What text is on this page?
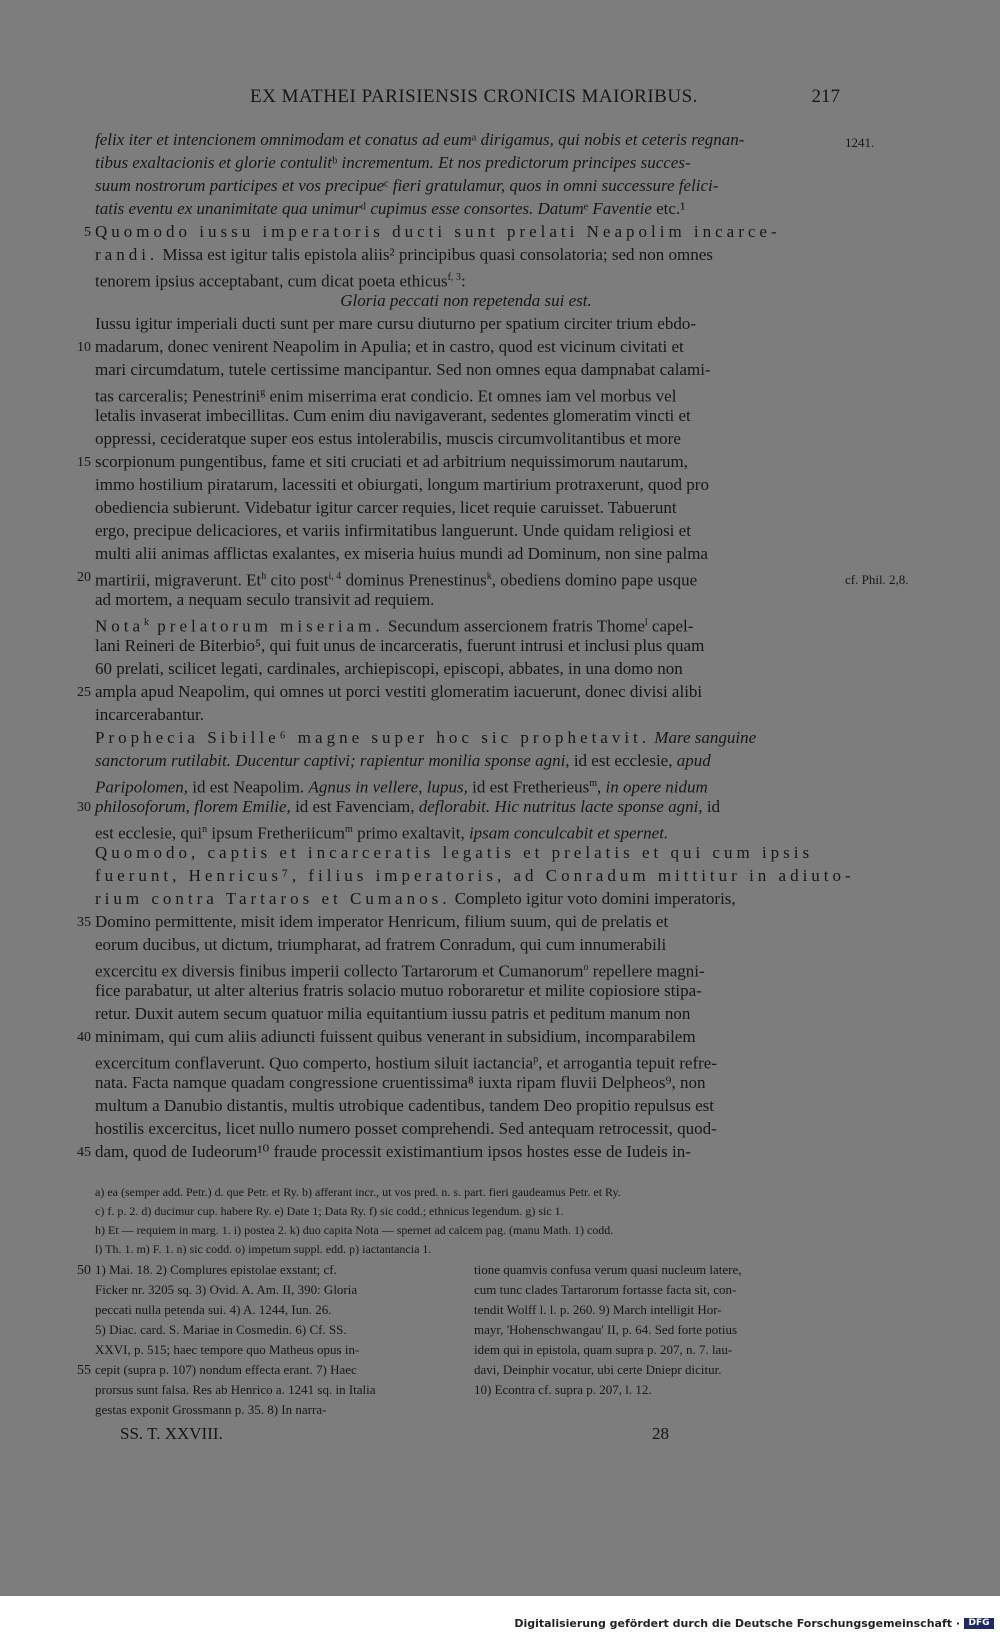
EX MATHEI PARISIENSIS CRONICIS MAIORIBUS.	217
felix iter et intencionem omnimodam et conatus ad eumᵃ dirigamus, qui nobis et ceteris regnan-	1241.
tibus exaltacionis et glorie contulitᵇ incrementum. Et nos predictorum principes succes-
suum nostrorum participes et vos precipueᶜ fieri gratulamur, quos in omni successure felici-
tatis eventu ex unanimitate qua unimurᵈ cupimus esse consortes. Datumᵉ Faventie etc.¹
5 Quomodo iussu imperatoris ducti sunt prelati Neapolim incarce-
randi. Missa est igitur talis epistola aliis² principibus quasi consolatoria; sed non omnes
tenorem ipsius acceptabant, cum dicat poeta ethicus$^{f, 3}$:
Gloria peccati non repetenda sui est.
Iussu igitur imperiali ducti sunt per mare cursu diuturno per spatium circiter trium ebdo-
10 madarum, donec venirent Neapolim in Apulia; et in castro, quod est vicinum civitati et
mari circumdatum, tutele certissime mancipantur. Sed non omnes equa dampnabat calami-
tas carceralis; Penestrini$^g$ enim miserrima erat condicio. Et omnes iam vel morbus vel
letalis invaserat imbecillitas. Cum enim diu navigaverant, sedentes glomeratim vincti et
oppressi, cecideratque super eos estus intolerabilis, muscis circumvolitantibus et more
15 scorpionum pungentibus, fame et siti cruciati et ad arbitrium nequissimorum nautarum,
immo hostilium piratarum, lacessiti et obiurgati, longum martirium protraxerunt, quod pro
obediencia subierunt. Videbatur igitur carcer requies, licet requie caruisset. Tabuerunt
ergo, precipue delicaciores, et variis infirmitatibus languerunt. Unde quidam religiosi et
multi alii animas afflictas exalantes, ex miseria huius mundi ad Dominum, non sine palma
20 martirii, migraverunt. Et$^h$ cito post$^{i, 4}$ dominus Prenestinus$^k$, obediens domino pape usque	cf. Phil. 2,8.
ad mortem, a nequam seculo transivit ad requiem.
Nota$^k$ prelatorum miseriam. Secundum assercionem fratris Thome$^l$ capel-
lani Reineri de Biterbio⁵, qui fuit unus de incarceratis, fuerunt intrusi et inclusi plus quam
60 prelati, scilicet legati, cardinales, archiepiscopi, episcopi, abbates, in una domo non
25 ampla apud Neapolim, qui omnes ut porci vestiti glomeratim iacuerunt, donec divisi alibi
incarcerabantur.
Prophecia Sibille⁶ magne super hoc sic prophetavit. Mare sanguine
sanctorum rutilabit. Ducentur captivi; rapientur monilia sponse agni, id est ecclesie, apud
Paripolomen, id est Neapolim. Agnus in vellere, lupus, id est Fretherieus$^m$, in opere nidum
30 philosoforum, florem Emilie, id est Favenciam, deflorabit. Hic nutritus lacte sponse agni, id
est ecclesie, qui$^n$ ipsum Fretheriicum$^m$ primo exaltavit, ipsam conculcabit et spernet.
Quomodo, captis et incarceratis legatis et prelatis et qui cum ipsis
fuerunt, Henricus⁷, filius imperatoris, ad Conradum mittitur in adiuto-
rium contra Tartaros et Cumanos. Completo igitur voto domini imperatoris,
35 Domino permittente, misit idem imperator Henricum, filium suum, qui de prelatis et
eorum ducibus, ut dictum, triumpharat, ad fratrem Conradum, qui cum innumerabili
excercitu ex diversis finibus imperii collecto Tartarorum et Cumanorum$^o$ repellere magni-
fice parabatur, ut alter alterius fratris solacio mutuo roboraretur et milite copiosiore stipa-
retur. Duxit autem secum quatuor milia equitantium iussu patris et peditum manum non
40 minimam, qui cum aliis adiuncti fuissent quibus venerant in subsidium, incomparabilem
excercitum conflaverunt. Quo comperto, hostium siluit iactancia$^p$, et arrogantia tepuit refre-
nata. Facta namque quadam congressione cruentissima⁸ iuxta ripam fluvii Delpheos⁹, non
multum a Danubio distantis, multis utrobique cadentibus, tandem Deo propitio repulsus est
hostilis excercitus, licet nullo numero posset comprehendi. Sed antequam retrocessit, quod-
45 dam, quod de Iudeorum¹⁰ fraude processit existimantium ipsos hostes esse de Iudeis in-
a) ea (semper add. Petr.) d. que Petr. et Ry. b) afferant incr., ut vos pred. n. s. part. fieri gaudeamus Petr. et Ry.
c) f. p. 2. d) ducimur cup. habere Ry. e) Date 1; Data Ry. f) sic codd.; ethnicus legendum. g) sic 1.
h) Et — requiem in marg. 1. i) postea 2. k) duo capita Nota — spernet ad calcem pag. (manu Math. 1) codd.
l) Th. 1. m) F. 1. n) sic codd. o) impetum suppl. edd. p) iactantancia 1.
50 1) Mai. 18. 2) Complures epistolae exstant; cf.
Ficker nr. 3205 sq. 3) Ovid. A. Am. II, 390: Gloria
peccati nulla petenda sui. 4) A. 1244, Iun. 26.
5) Diac. card. S. Mariae in Cosmedin. 6) Cf. SS.
XXVI, p. 515; haec tempore quo Matheus opus in-
55 cepit (supra p. 107) nondum effecta erant. 7) Haec
prorsus sunt falsa. Res ab Henrico a. 1241 sq. in Italia
gestas exponit Grossmann p. 35. 8) In narra-
tione quamvis confusa verum quasi nucleum latere,
cum tunc clades Tartarorum fortasse facta sit, con-
tendit Wolff l. l. p. 260. 9) March intelligit Hor-
mayr, 'Hohenschwangau' II, p. 64. Sed forte potius
idem qui in epistola, quam supra p. 207, n. 7. lau-
davi, Deinphir vocatur, ubi certe Dniepr dicitur.
10) Econtra cf. supra p. 207, l. 12.
SS. T. XXVIII.	28
Digitalisierung gefördert durch die Deutsche Forschungsgemeinschaft · DFG
